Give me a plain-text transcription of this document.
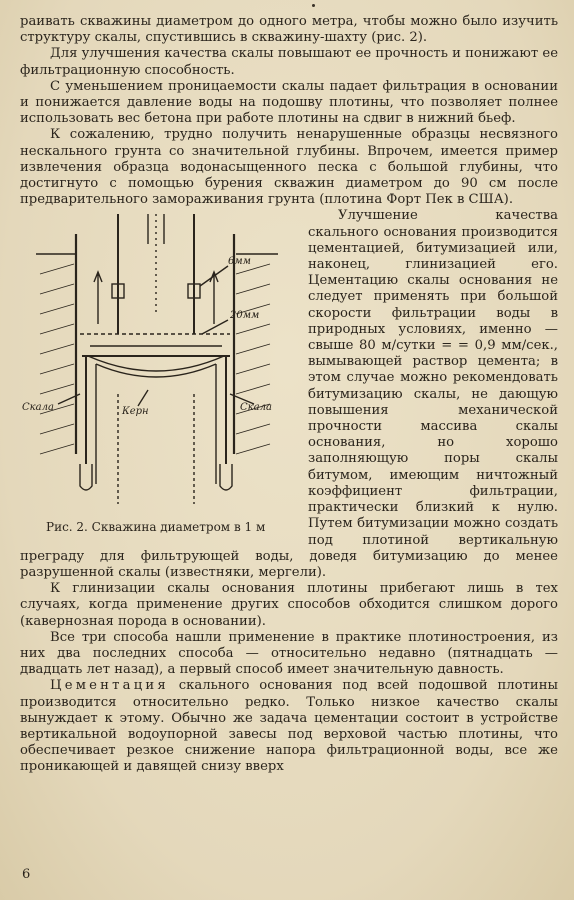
раивать скважины диаметром до одного метра, чтобы можно было изучить структуру скалы, спустившись в скважину-шахту (рис. 2).

Для улучшения качества скалы повышают ее прочность и понижают ее фильтрационную способность.

С уменьшением проницаемости скалы падает фильтрация в основании и понижается давление воды на подошву плотины, что позволяет полнее использовать вес бетона при работе плотины на сдвиг в нижний бьеф.

К сожалению, трудно получить ненарушенные образцы несвязного нескального грунта со значительной глубины. Впрочем, имеется пример извлечения образца водонасыщенного песка с большой глубины, что достигнуто с помощью бурения скважин диаметром до 90 см после предварительного замораживания грунта (плотина Форт Пек в США).

6мм
20мм
Скала	Скала
Керн
Рис. 2. Скважина диаметром в 1 м

Улучшение качества скального основания производится цементацией, битумизацией или, наконец, глинизацией его. Цементацию скалы основания не следует применять при большой скорости фильтрации воды в природных условиях, именно — свыше 80 м/сутки = = 0,9 мм/сек., вымывающей раствор цемента; в этом случае можно рекомендовать битумизацию скалы, не дающую повышения механической прочности массива скалы основания, но хорошо заполняющую поры скалы битумом, имеющим ничтожный коэффициент фильтрации, практически близкий к нулю. Путем битумизации можно создать под плотиной вертикальную преграду для фильтрующей воды, доведя битумизацию до менее разрушенной скалы (известняки, мергели).

К глинизации скалы основания плотины прибегают лишь в тех случаях, когда применение других способов обходится слишком дорого (кавернозная порода в основании).

Все три способа нашли применение в практике плотиностроения, из них два последних способа — относительно недавно (пятнадцать — двадцать лет назад), а первый способ имеет значительную давность.

Цементация скального основания под всей подошвой плотины производится относительно редко. Только низкое качество скалы вынуждает к этому. Обычно же задача цементации состоит в устройстве вертикальной водоупорной завесы под верховой частью плотины, что обеспечивает резкое снижение напора фильтрационной воды, все же проникающей и давящей снизу вверх

6
